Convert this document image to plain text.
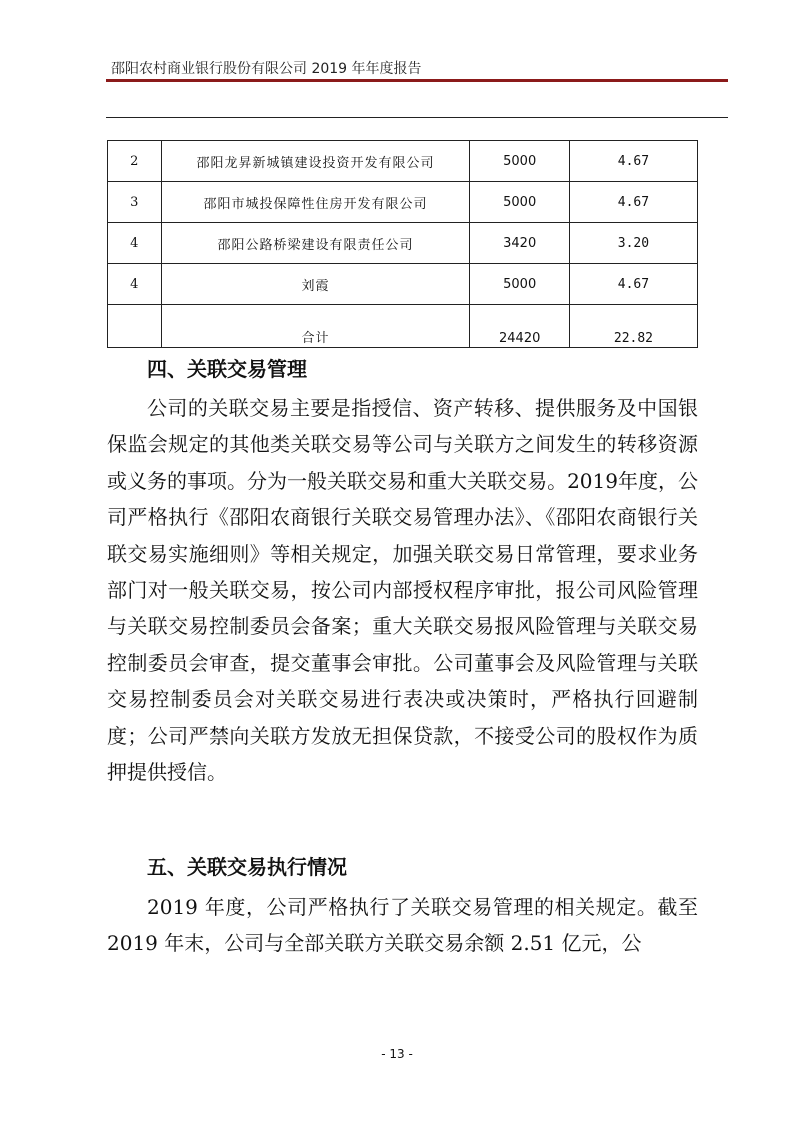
邵阳农村商业银行股份有限公司 2019 年年度报告
2	邵阳龙昇新城镇建设投资开发有限公司	5000	4.67
3	邵阳市城投保障性住房开发有限公司	5000	4.67
4	邵阳公路桥梁建设有限责任公司	3420	3.20
4	刘霞	5000	4.67
	合计	24420	22.82
四、关联交易管理

公司的关联交易主要是指授信、资产转移、提供服务及中国银保监会规定的其他类关联交易等公司与关联方之间发生的转移资源或义务的事项。分为一般关联交易和重大关联交易。2019年度，公司严格执行《邵阳农商银行关联交易管理办法》、《邵阳农商银行关联交易实施细则》等相关规定，加强关联交易日常管理，要求业务部门对一般关联交易，按公司内部授权程序审批，报公司风险管理与关联交易控制委员会备案；重大关联交易报风险管理与关联交易控制委员会审查，提交董事会审批。公司董事会及风险管理与关联交易控制委员会对关联交易进行表决或决策时，严格执行回避制度；公司严禁向关联方发放无担保贷款，不接受公司的股权作为质押提供授信。

五、关联交易执行情况

2019 年度，公司严格执行了关联交易管理的相关规定。截至 2019 年末，公司与全部关联方关联交易余额 2.51 亿元，公

- 13 -
